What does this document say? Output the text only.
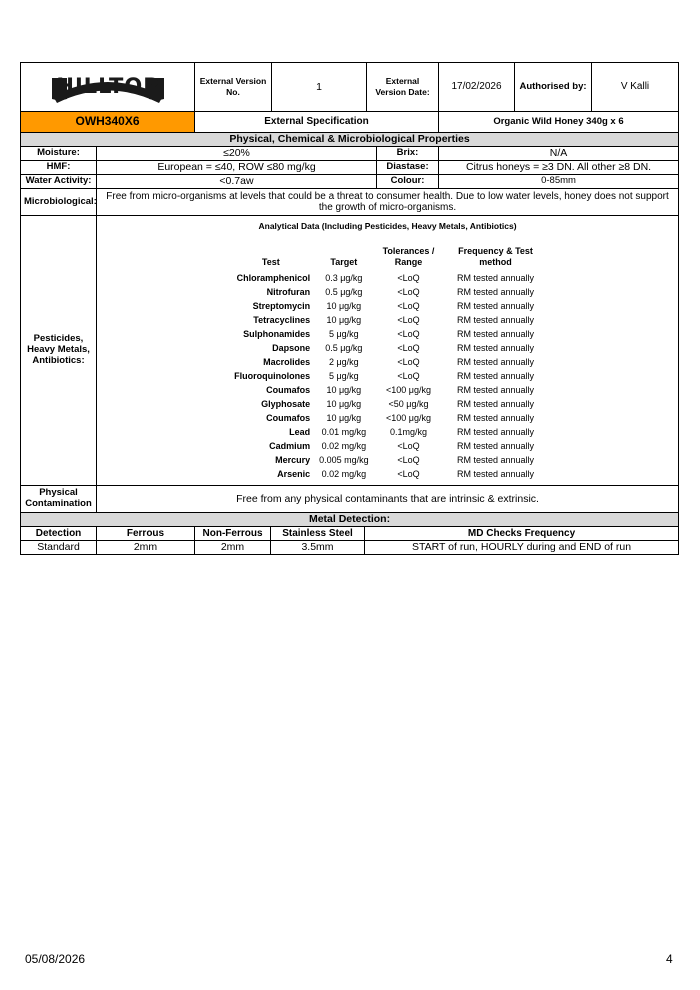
HILLTOP	External Version No.	1	External Version Date:	17/02/2026	Authorised by:	V Kalli
OWH340X6	External Specification	Organic Wild Honey 340g x 6
Physical, Chemical & Microbiological Properties
Moisture:	≤20%	Brix:	N/A
HMF:	European = ≤40, ROW ≤80 mg/kg	Diastase:	Citrus honeys = ≥3 DN. All other ≥8 DN.
Water Activity:	<0.7aw	Colour:	0-85mm
Microbiological:	Free from micro-organisms at levels that could be a threat to consumer health. Due to low water levels, honey does not support the growth of micro-organisms.
Pesticides, Heavy Metals, Antibiotics:	
Analytical Data (Including Pesticides, Heavy Metals, Antibiotics)
Test	Target	Tolerances / Range	Frequency & Test method
Chloramphenicol	0.3 μg/kg	<LoQ	RM tested annually
Nitrofuran	0.5 μg/kg	<LoQ	RM tested annually
Streptomycin	10 μg/kg	<LoQ	RM tested annually
Tetracyclines	10 μg/kg	<LoQ	RM tested annually
Sulphonamides	5 μg/kg	<LoQ	RM tested annually
Dapsone	0.5 μg/kg	<LoQ	RM tested annually
Macrolides	2 μg/kg	<LoQ	RM tested annually
Fluoroquinolones	5 μg/kg	<LoQ	RM tested annually
Coumafos	10 μg/kg	<100 μg/kg	RM tested annually
Glyphosate	10 μg/kg	<50 μg/kg	RM tested annually
Coumafos	10 μg/kg	<100 μg/kg	RM tested annually
Lead	0.01 mg/kg	0.1mg/kg	RM tested annually
Cadmium	0.02 mg/kg	<LoQ	RM tested annually
Mercury	0.005 mg/kg	<LoQ	RM tested annually
Arsenic	0.02 mg/kg	<LoQ	RM tested annually

Physical Contamination	Free from any physical contaminants that are intrinsic & extrinsic.
Metal Detection:				
Detection	Ferrous	Non-Ferrous	Stainless Steel	MD Checks Frequency
Standard	2mm	2mm	3.5mm	START of run, HOURLY during and END of run
05/08/2026	4
